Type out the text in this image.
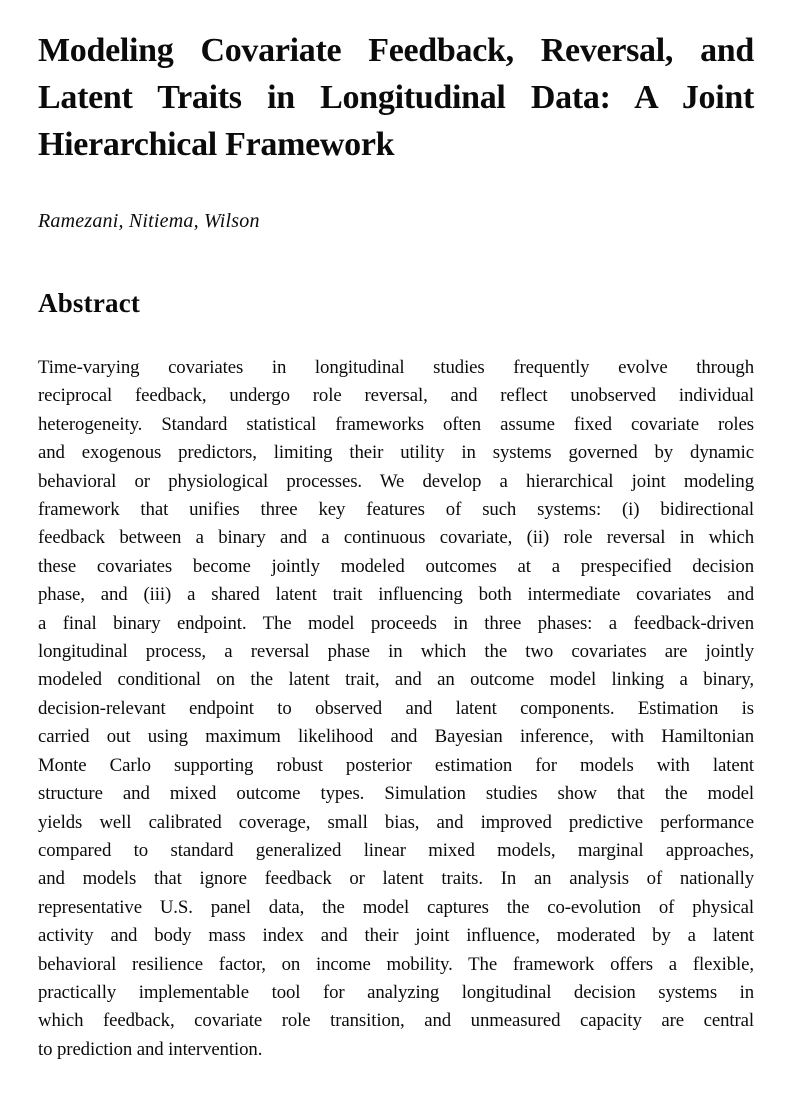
Modeling Covariate Feedback, Reversal, and
Latent Traits in Longitudinal Data: A Joint
Hierarchical Framework
Ramezani, Nitiema, Wilson
Abstract
Time-varying covariates in longitudinal studies frequently evolve through
reciprocal feedback, undergo role reversal, and reflect unobserved individual
heterogeneity. Standard statistical frameworks often assume fixed covariate roles
and exogenous predictors, limiting their utility in systems governed by dynamic
behavioral or physiological processes. We develop a hierarchical joint modeling
framework that unifies three key features of such systems: (i) bidirectional
feedback between a binary and a continuous covariate, (ii) role reversal in which
these covariates become jointly modeled outcomes at a prespecified decision
phase, and (iii) a shared latent trait influencing both intermediate covariates and
a final binary endpoint. The model proceeds in three phases: a feedback-driven
longitudinal process, a reversal phase in which the two covariates are jointly
modeled conditional on the latent trait, and an outcome model linking a binary,
decision-relevant endpoint to observed and latent components. Estimation is
carried out using maximum likelihood and Bayesian inference, with Hamiltonian
Monte Carlo supporting robust posterior estimation for models with latent
structure and mixed outcome types. Simulation studies show that the model
yields well calibrated coverage, small bias, and improved predictive performance
compared to standard generalized linear mixed models, marginal approaches,
and models that ignore feedback or latent traits. In an analysis of nationally
representative U.S. panel data, the model captures the co-evolution of physical
activity and body mass index and their joint influence, moderated by a latent
behavioral resilience factor, on income mobility. The framework offers a flexible,
practically implementable tool for analyzing longitudinal decision systems in
which feedback, covariate role transition, and unmeasured capacity are central
to prediction and intervention.
